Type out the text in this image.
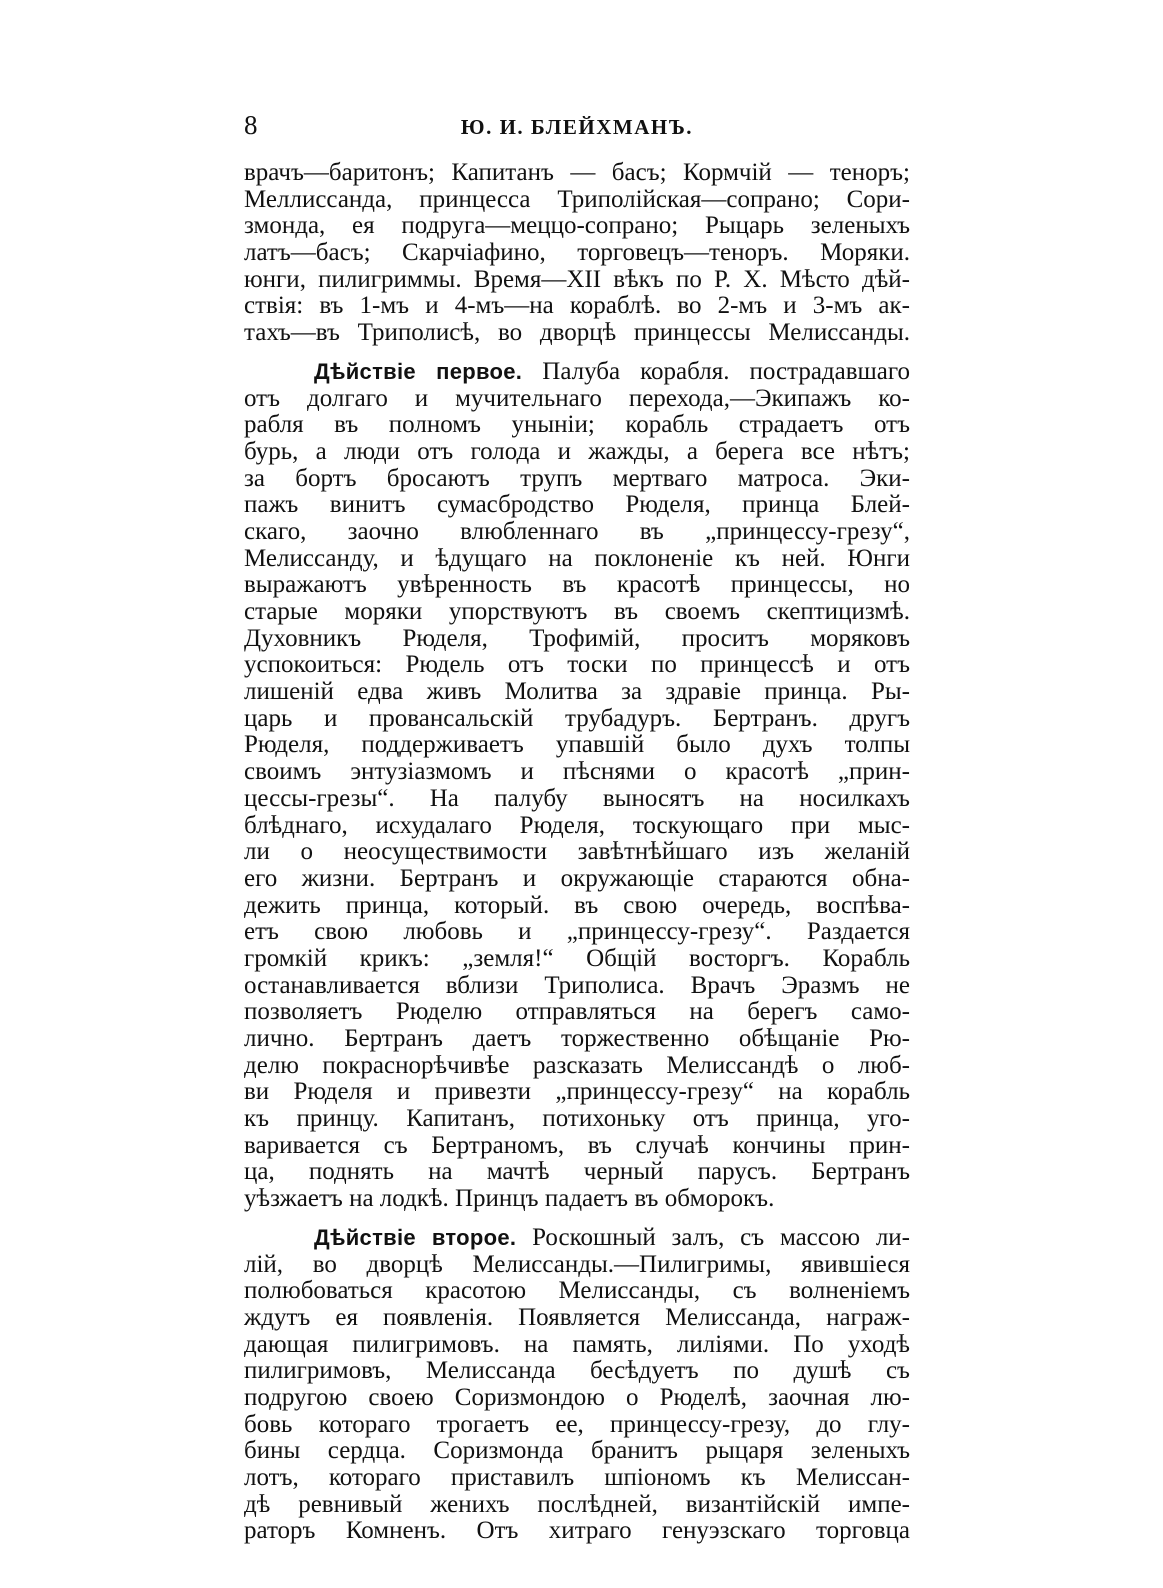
8	Ю. И. БЛЕЙХМАНЪ.
врачъ—баритонъ; Капитанъ — басъ; Кормчій — теноръ;
Меллиссанда, принцесса Триполійская—сопрано; Сори-
змонда, ея подруга—меццо-сопрано; Рыцарь зеленыхъ
латъ—басъ; Скарчіафино, торговецъ—теноръ. Моряки.
юнги, пилигриммы. Время—XII вѣкъ по Р. Х. Мѣсто дѣй-
ствія: въ 1-мъ и 4-мъ—на кораблѣ. во 2-мъ и 3-мъ ак-
тахъ—въ Триполисѣ, во дворцѣ принцессы Мелиссанды.
Дѣйствіе первое. Палуба корабля. пострадавшаго
отъ долгаго и мучительнаго перехода,—Экипажъ ко-
рабля въ полномъ уныніи; корабль страдаетъ отъ
бурь, а люди отъ голода и жажды, а берега все нѣтъ;
за бортъ бросаютъ трупъ мертваго матроса. Эки-
пажъ винитъ сумасбродство Рюделя, принца Блей-
скаго, заочно влюбленнаго въ „принцессу-грезу“,
Мелиссанду, и ѣдущаго на поклоненіе къ ней. Юнги
выражаютъ увѣренность въ красотѣ принцессы, но
старые моряки упорствуютъ въ своемъ скептицизмѣ.
Духовникъ Рюделя, Трофимій, проситъ моряковъ
успокоиться: Рюдель отъ тоски по принцессѣ и отъ
лишеній едва живъ Молитва за здравіе принца. Ры-
царь и провансальскій трубадуръ. Бертранъ. другъ
Рюделя, поддерживаетъ упавшій было духъ толпы
своимъ энтузіазмомъ и пѣснями о красотѣ „прин-
цессы-грезы“. На палубу выносятъ на носилкахъ
блѣднаго, исхудалаго Рюделя, тоскующаго при мыс-
ли о неосуществимости завѣтнѣйшаго изъ желаній
его жизни. Бертранъ и окружающіе стараются обна-
дежить принца, который. въ свою очередь, воспѣва-
етъ свою любовь и „принцессу-грезу“. Раздается
громкій крикъ: „земля!“ Общій восторгъ. Корабль
останавливается вблизи Триполиса. Врачъ Эразмъ не
позволяетъ Рюделю отправляться на берегъ само-
лично. Бертранъ даетъ торжественно обѣщаніе Рю-
делю покраснорѣчивѣе разсказать Мелиссандѣ о люб-
ви Рюделя и привезти „принцессу-грезу“ на корабль
къ принцу. Капитанъ, потихоньку отъ принца, уго-
варивается съ Бертраномъ, въ случаѣ кончины прин-
ца, поднять на мачтѣ черный парусъ. Бертранъ
уѣзжаетъ на лодкѣ. Принцъ падаетъ въ обморокъ.
Дѣйствіе второе. Роскошный залъ, съ массою ли-
лій, во дворцѣ Мелиссанды.—Пилигримы, явившіеся
полюбоваться красотою Мелиссанды, съ волненіемъ
ждутъ ея появленія. Появляется Мелиссанда, награж-
дающая пилигримовъ. на память, лиліями. По уходѣ
пилигримовъ, Мелиссанда бесѣдуетъ по душѣ съ
подругою своею Соризмондою о Рюделѣ, заочная лю-
бовь котораго трогаетъ ее, принцессу-грезу, до глу-
бины сердца. Соризмонда бранитъ рыцаря зеленыхъ
лотъ, котораго приставилъ шпіономъ къ Мелиссан-
дѣ ревнивый женихъ послѣдней, византійскій импе-
раторъ Комненъ. Отъ хитраго генуэзскаго торговца
